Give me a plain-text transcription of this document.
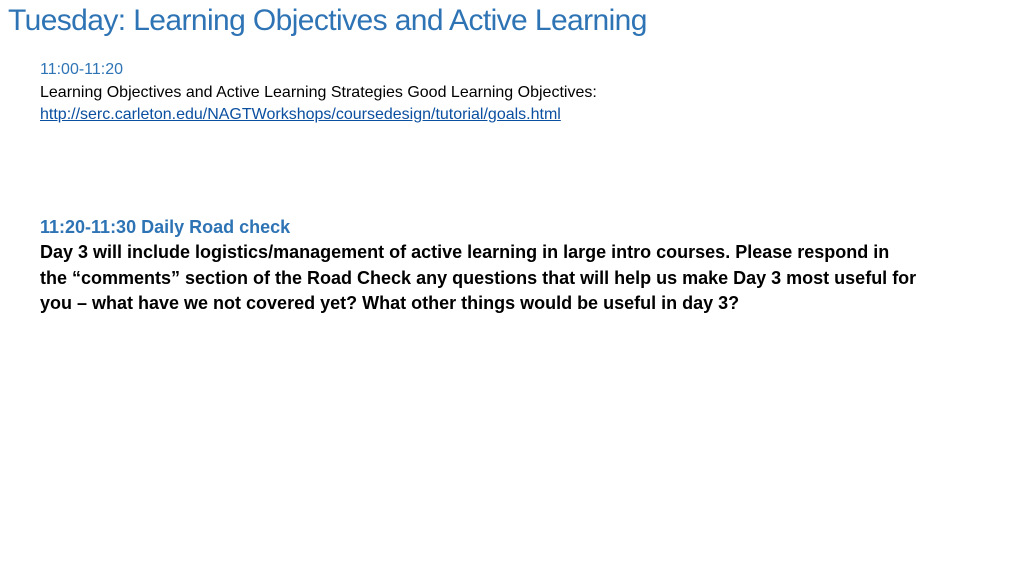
Tuesday: Learning Objectives and Active Learning

11:00-11:20

Learning Objectives and Active Learning Strategies Good Learning Objectives:

http://serc.carleton.edu/NAGTWorkshops/coursedesign/tutorial/goals.html

11:20-11:30 Daily Road check

Day 3 will include logistics/management of active learning in large intro courses. Please respond in the “comments” section of the Road Check any questions that will help us make Day 3 most useful for you – what have we not covered yet? What other things would be useful in day 3?
